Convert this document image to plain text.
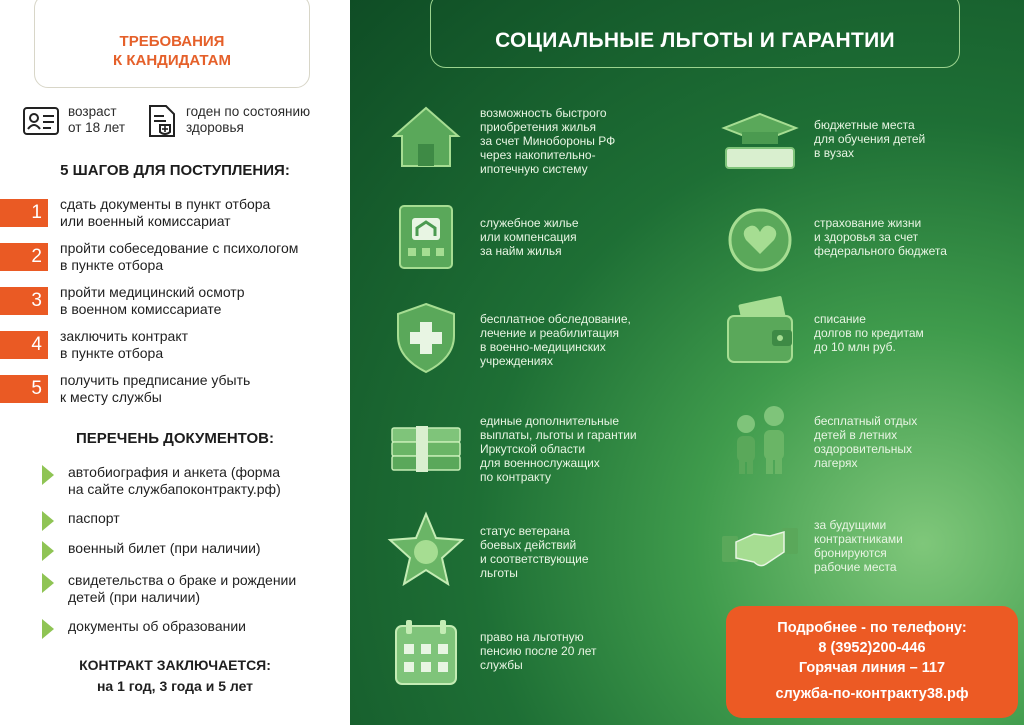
ТРЕБОВАНИЯ
К КАНДИДАТАМ
возраст
от 18 лет
годен по состоянию
здоровья
5 ШАГОВ ДЛЯ ПОСТУПЛЕНИЯ:
1	сдать документы в пункт отбора
или военный комиссариат
2	пройти собеседование с психологом
в пункте отбора
3	пройти медицинский осмотр
в военном комиссариате
4	заключить контракт
в пункте отбора
5	получить предписание убыть
к месту службы
ПЕРЕЧЕНЬ ДОКУМЕНТОВ:
автобиография и анкета (форма
на сайте службапоконтракту.рф)
паспорт
военный билет (при наличии)
свидетельства о браке и рождении
детей (при наличии)
документы об образовании
КОНТРАКТ ЗАКЛЮЧАЕТСЯ:
на 1 год, 3 года и 5 лет
СОЦИАЛЬНЫЕ ЛЬГОТЫ И ГАРАНТИИ
возможность быстрого
приобретения жилья
за счет Минобороны РФ
через накопительно-
ипотечную систему
служебное жилье
или компенсация
за найм жилья
бесплатное обследование,
лечение и реабилитация
в военно-медицинских
учреждениях
единые дополнительные
выплаты, льготы и гарантии
Иркутской области
для военнослужащих
по контракту
статус ветерана
боевых действий
и соответствующие
льготы
право на льготную
пенсию после 20 лет
службы
бюджетные места
для обучения детей
в вузах
страхование жизни
и здоровья за счет
федерального бюджета
списание
долгов по кредитам
до 10 млн руб.
бесплатный отдых
детей в летних
оздоровительных
лагерях
за будущими
контрактниками
бронируются
рабочие места
Подробнее - по телефону:
8 (3952)200-446
Горячая линия – 117
служба-по-контракту38.рф
